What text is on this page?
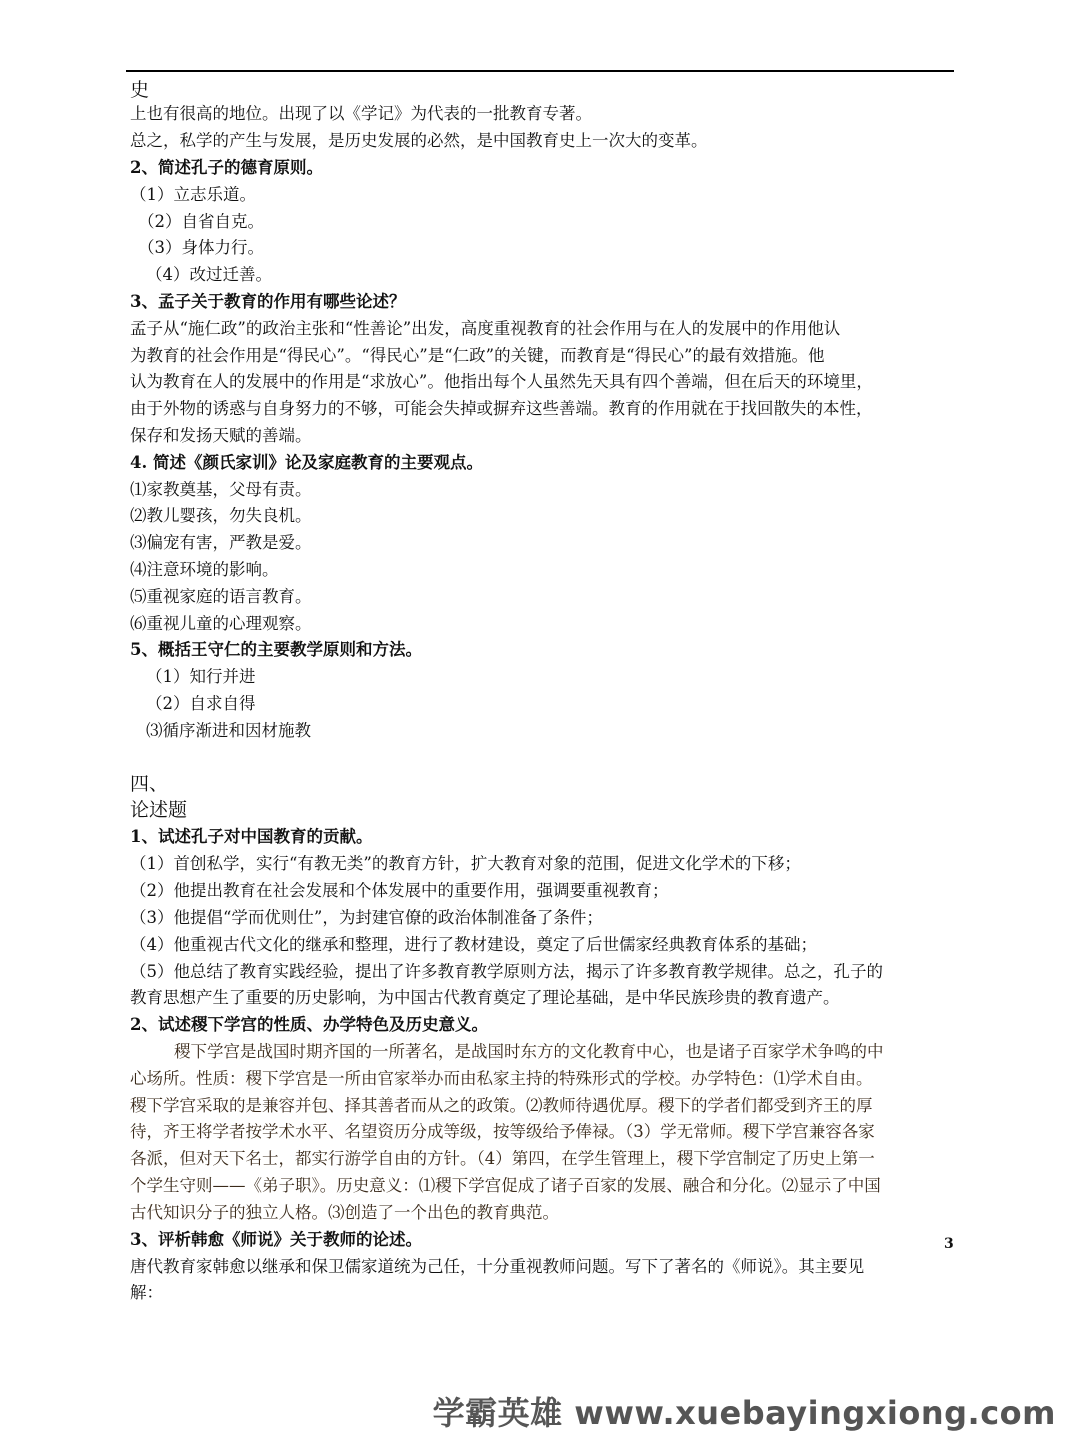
史
上也有很高的地位。出现了以《学记》为代表的一批教育专著。
总之，私学的产生与发展，是历史发展的必然，是中国教育史上一次大的变革。
2、简述孔子的德育原则。
（1）立志乐道。
（2）自省自克。
（3）身体力行。
（4）改过迁善。
3、孟子关于教育的作用有哪些论述？
孟子从“施仁政”的政治主张和“性善论”出发，高度重视教育的社会作用与在人的发展中的作用他认
为教育的社会作用是“得民心”。“得民心”是“仁政”的关键，而教育是“得民心”的最有效措施。他
认为教育在人的发展中的作用是“求放心”。他指出每个人虽然先天具有四个善端，但在后天的环境里，
由于外物的诱惑与自身努力的不够，可能会失掉或摒弃这些善端。教育的作用就在于找回散失的本性，
保存和发扬天赋的善端。
4. 简述《颜氏家训》论及家庭教育的主要观点。
⑴家教奠基，父母有责。
⑵教儿婴孩，勿失良机。
⑶偏宠有害，严教是爱。
⑷注意环境的影响。
⑸重视家庭的语言教育。
⑹重视儿童的心理观察。
5、概括王守仁的主要教学原则和方法。
（1）知行并进
（2）自求自得
⑶循序渐进和因材施教
四、
论述题
1、试述孔子对中国教育的贡献。
（1）首创私学，实行“有教无类”的教育方针，扩大教育对象的范围，促进文化学术的下移；
（2）他提出教育在社会发展和个体发展中的重要作用，强调要重视教育；
（3）他提倡“学而优则仕”，为封建官僚的政治体制准备了条件；
（4）他重视古代文化的继承和整理，进行了教材建设，奠定了后世儒家经典教育体系的基础；
（5）他总结了教育实践经验，提出了许多教育教学原则方法，揭示了许多教育教学规律。总之，孔子的
教育思想产生了重要的历史影响，为中国古代教育奠定了理论基础，是中华民族珍贵的教育遗产。
2、试述稷下学宫的性质、办学特色及历史意义。
稷下学宫是战国时期齐国的一所著名，是战国时东方的文化教育中心，也是诸子百家学术争鸣的中
心场所。性质：稷下学宫是一所由官家举办而由私家主持的特殊形式的学校。办学特色：⑴学术自由。
稷下学宫采取的是兼容并包、择其善者而从之的政策。⑵教师待遇优厚。稷下的学者们都受到齐王的厚
待，齐王将学者按学术水平、名望资历分成等级，按等级给予俸禄。（3）学无常师。稷下学宫兼容各家
各派，但对天下名士，都实行游学自由的方针。（4）第四，在学生管理上，稷下学宫制定了历史上第一
个学生守则——《弟子职》。历史意义：⑴稷下学宫促成了诸子百家的发展、融合和分化。⑵显示了中国
古代知识分子的独立人格。⑶创造了一个出色的教育典范。
3、评析韩愈《师说》关于教师的论述。
唐代教育家韩愈以继承和保卫儒家道统为己任，十分重视教师问题。写下了著名的《师说》。其主要见
解：
3
学霸英雄 www.xuebayingxiong.com
